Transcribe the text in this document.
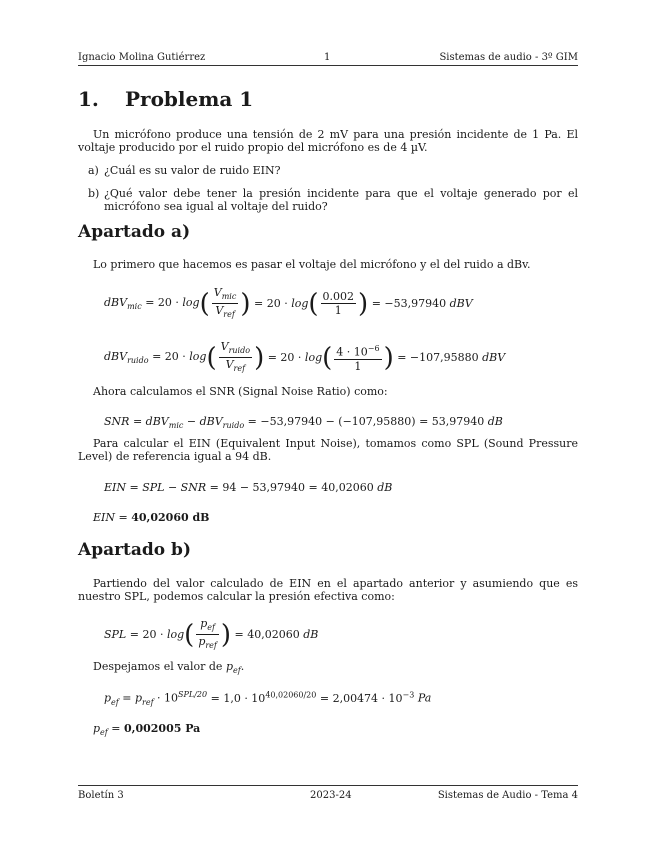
Ignacio Molina Gutiérrez	1	Sistemas de audio - 3º GIM
1. Problema 1
Un micrófono produce una tensión de 2 mV para una presión incidente de 1 Pa. El voltaje producido por el ruido propio del micrófono es de 4 µV.
a) ¿Cuál es su valor de ruido EIN?
b) ¿Qué valor debe tener la presión incidente para que el voltaje generado por el micrófono sea igual al voltaje del ruido?
Apartado a)
Lo primero que hacemos es pasar el voltaje del micrófono y el del ruido a dBv.
dBV$_{mic}$ = 20 · log ( $\frac{V_{mic}}{V_{ref}}$ ) = 20 · log ( $\frac{0.002}{1}$ ) = −53,97940 dBV
dBV$_{ruido}$ = 20 · log ( $\frac{V_{ruido}}{V_{ref}}$ ) = 20 · log ( $\frac{4 \cdot 10^{-6}}{1}$ ) = −107,95880 dBV
Ahora calculamos el SNR (Signal Noise Ratio) como:
SNR = dBV$_{mic}$ − dBV$_{ruido}$ = −53,97940 − (−107,95880) = 53,97940 dB
Para calcular el EIN (Equivalent Input Noise), tomamos como SPL (Sound Pressure Level) de referencia igual a 94 dB.
EIN = SPL − SNR = 94 − 53,97940 = 40,02060 dB
EIN = 40,02060 dB
Apartado b)
Partiendo del valor calculado de EIN en el apartado anterior y asumiendo que es nuestro SPL, podemos calcular la presión efectiva como:
SPL = 20 · log ( $\frac{p_{ef}}{p_{ref}}$ ) = 40,02060 dB
Despejamos el valor de $p_{ef}$.
$p_{ef} = p_{ref} \cdot 10^{SPL/20} = 1,0 \cdot 10^{40,02060/20} = 2,00474 \cdot 10^{-3}$ Pa
$p_{ef} = 0,002005$ Pa
Boletín 3	2023-24	Sistemas de Audio - Tema 4
